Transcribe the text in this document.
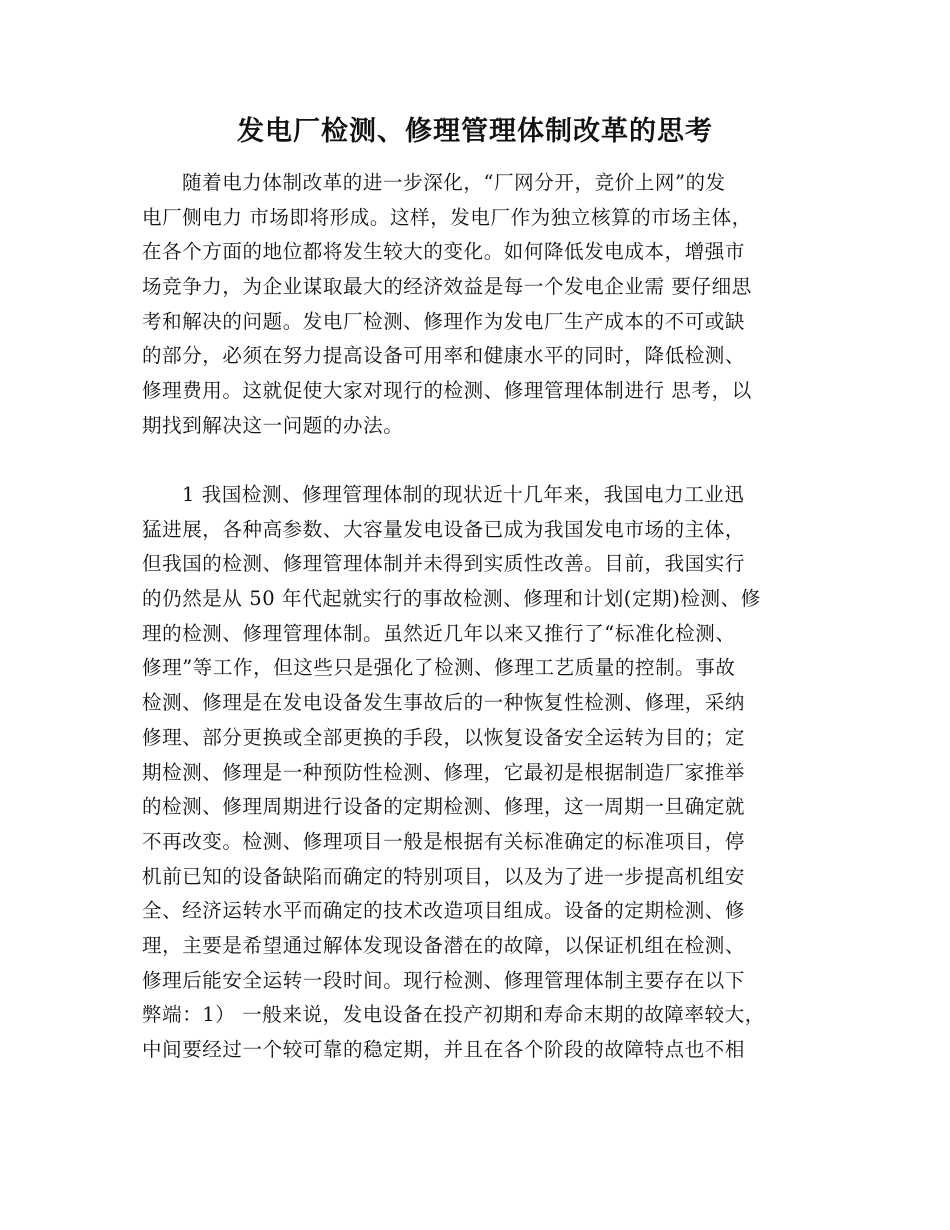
发电厂检测、修理管理体制改革的思考
随着电力体制改革的进一步深化，“厂网分开，竞价上网”的发
电厂侧电力 市场即将形成。这样，发电厂作为独立核算的市场主体，
在各个方面的地位都将发生较大的变化。如何降低发电成本，增强市
场竞争力，为企业谋取最大的经济效益是每一个发电企业需 要仔细思
考和解决的问题。发电厂检测、修理作为发电厂生产成本的不可或缺
的部分，必须在努力提高设备可用率和健康水平的同时，降低检测、
修理费用。这就促使大家对现行的检测、修理管理体制进行 思考，以
期找到解决这一问题的办法。
1 我国检测、修理管理体制的现状近十几年来，我国电力工业迅
猛进展，各种高参数、大容量发电设备已成为我国发电市场的主体，
但我国的检测、修理管理体制并未得到实质性改善。目前，我国实行
的仍然是从 50 年代起就实行的事故检测、修理和计划(定期)检测、修
理的检测、修理管理体制。虽然近几年以来又推行了“标准化检测、
修理”等工作，但这些只是强化了检测、修理工艺质量的控制。事故
检测、修理是在发电设备发生事故后的一种恢复性检测、修理，采纳
修理、部分更换或全部更换的手段，以恢复设备安全运转为目的；定
期检测、修理是一种预防性检测、修理，它最初是根据制造厂家推举
的检测、修理周期进行设备的定期检测、修理，这一周期一旦确定就
不再改变。检测、修理项目一般是根据有关标准确定的标准项目，停
机前已知的设备缺陷而确定的特别项目，以及为了进一步提高机组安
全、经济运转水平而确定的技术改造项目组成。设备的定期检测、修
理，主要是希望通过解体发现设备潜在的故障，以保证机组在检测、
修理后能安全运转一段时间。现行检测、修理管理体制主要存在以下
弊端：1） 一般来说，发电设备在投产初期和寿命末期的故障率较大，
中间要经过一个较可靠的稳定期，并且在各个阶段的故障特点也不相
